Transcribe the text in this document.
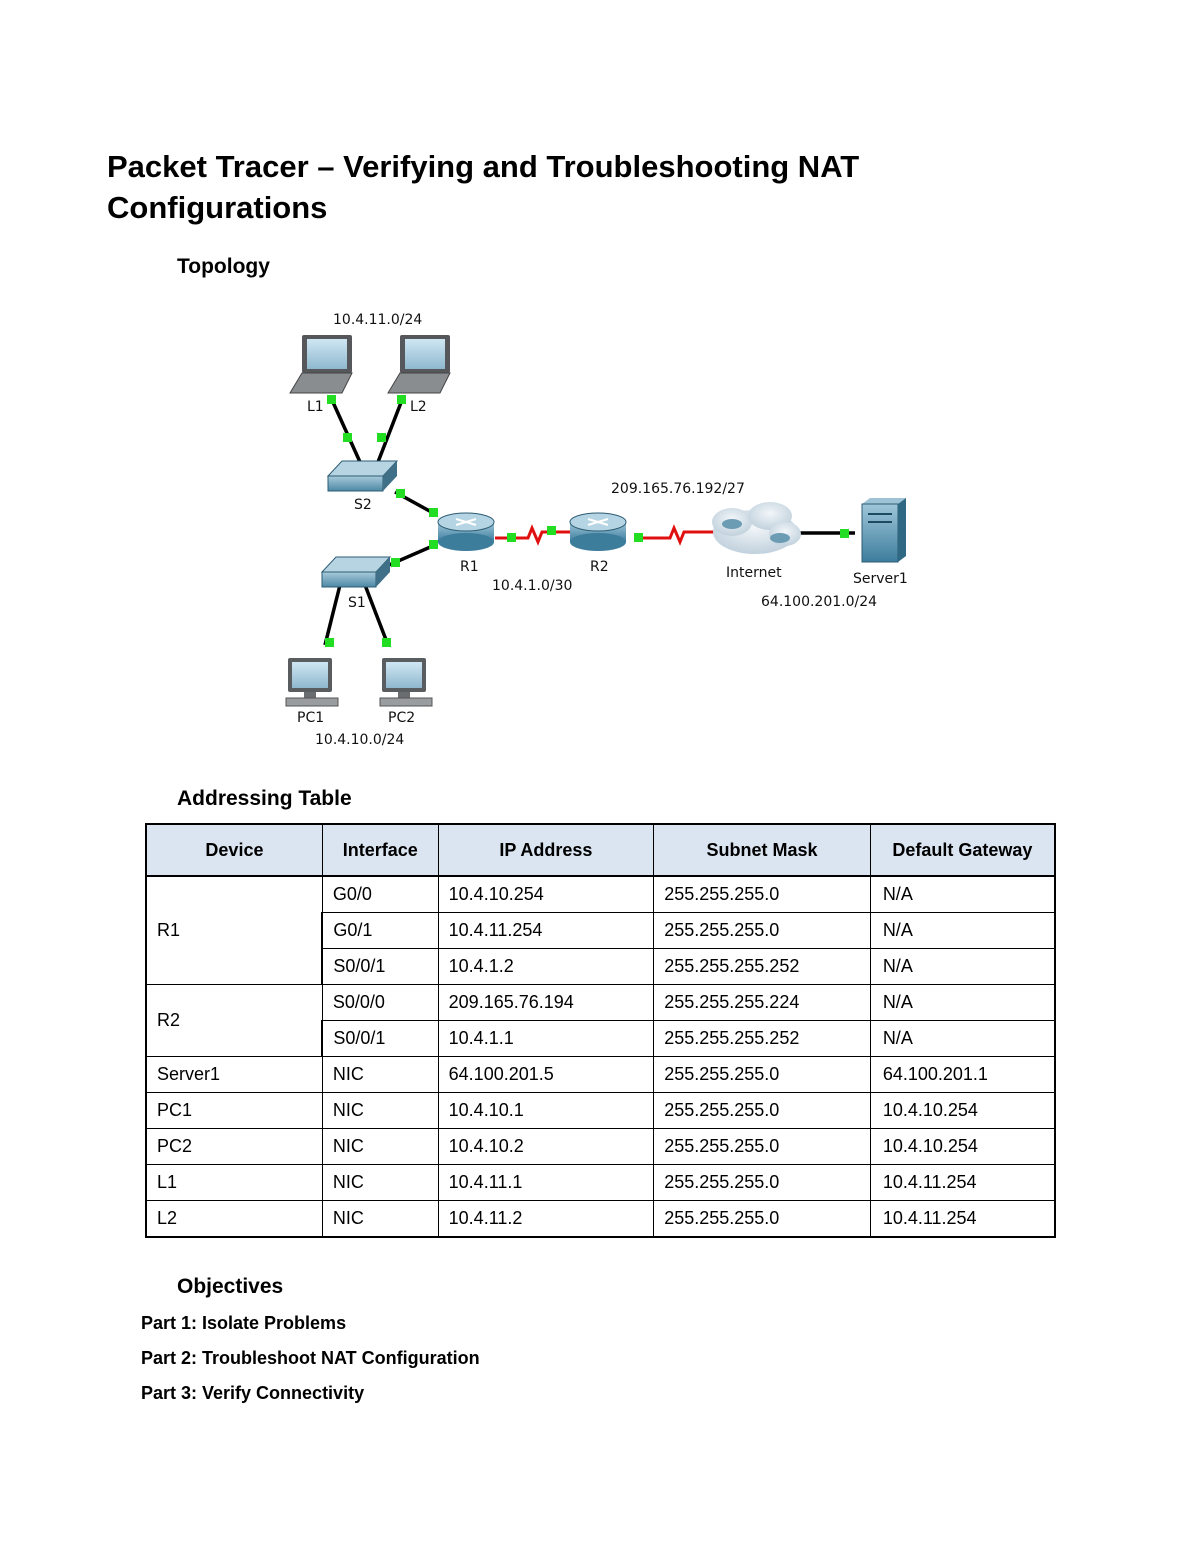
Packet Tracer – Verifying and Troubleshooting NAT Configurations
Topology
10.4.11.0/24
L1	L2
S2
S1
R1	R2
209.165.76.192/27
10.4.1.0/30
Internet	Server1
64.100.201.0/24
PC1	PC2
10.4.10.0/24
Addressing Table
Device	Interface	IP Address	Subnet Mask	Default Gateway
R1	G0/0	10.4.10.254	255.255.255.0	N/A
	G0/1	10.4.11.254	255.255.255.0	N/A
	S0/0/1	10.4.1.2	255.255.255.252	N/A
R2	S0/0/0	209.165.76.194	255.255.255.224	N/A
	S0/0/1	10.4.1.1	255.255.255.252	N/A
Server1	NIC	64.100.201.5	255.255.255.0	64.100.201.1
PC1	NIC	10.4.10.1	255.255.255.0	10.4.10.254
PC2	NIC	10.4.10.2	255.255.255.0	10.4.10.254
L1	NIC	10.4.11.1	255.255.255.0	10.4.11.254
L2	NIC	10.4.11.2	255.255.255.0	10.4.11.254
Objectives

Part 1: Isolate Problems

Part 2: Troubleshoot NAT Configuration

Part 3: Verify Connectivity
